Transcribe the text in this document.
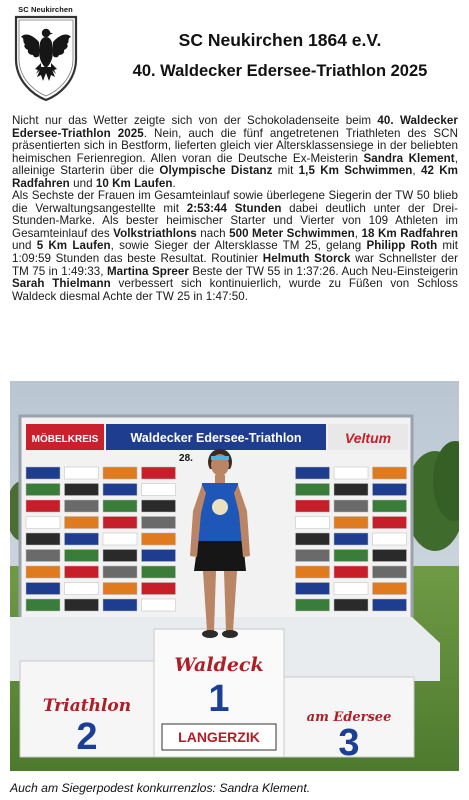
SC Neukirchen
SC Neukirchen 1864 e.V.
40. Waldecker Edersee-Triathlon 2025

Nicht nur das Wetter zeigte sich von der Schokoladenseite beim 40. Waldecker Edersee-Triathlon 2025. Nein, auch die fünf angetretenen Triathleten des SCN präsentierten sich in Bestform, lieferten gleich vier Altersklassensiege in der beliebten heimischen Ferienregion. Allen voran die Deutsche Ex-Meisterin Sandra Klement, alleinige Starterin über die Olympische Distanz mit 1,5 Km Schwimmen, 42 Km Radfahren und 10 Km Laufen.

Als Sechste der Frauen im Gesamteinlauf sowie überlegene Siegerin der TW 50 blieb die Verwaltungsangestellte mit 2:53:44 Stunden dabei deutlich unter der Drei-Stunden-Marke. Als bester heimischer Starter und Vierter von 109 Athleten im Gesamteinlauf des Volkstriathlons nach 500 Meter Schwimmen, 18 Km Radfahren und 5 Km Laufen, sowie Sieger der Altersklasse TM 25, gelang Philipp Roth mit 1:09:59 Stunden das beste Resultat. Routinier Helmuth Storck war Schnellster der TM 75 in 1:49:33, Martina Spreer Beste der TW 55 in 1:37:26. Auch Neu-Einsteigerin Sarah Thielmann verbessert sich kontinuierlich, wurde zu Füßen von Schloss Waldeck diesmal Achte der TW 25 in 1:47:50.

MÖBELKREIS	Waldecker Edersee-Triathlon	Veltum
28.
Waldeck
Triathlon
am Edersee
1
2	3
LANGERZIK
Auch am Siegerpodest konkurrenzlos: Sandra Klement.
